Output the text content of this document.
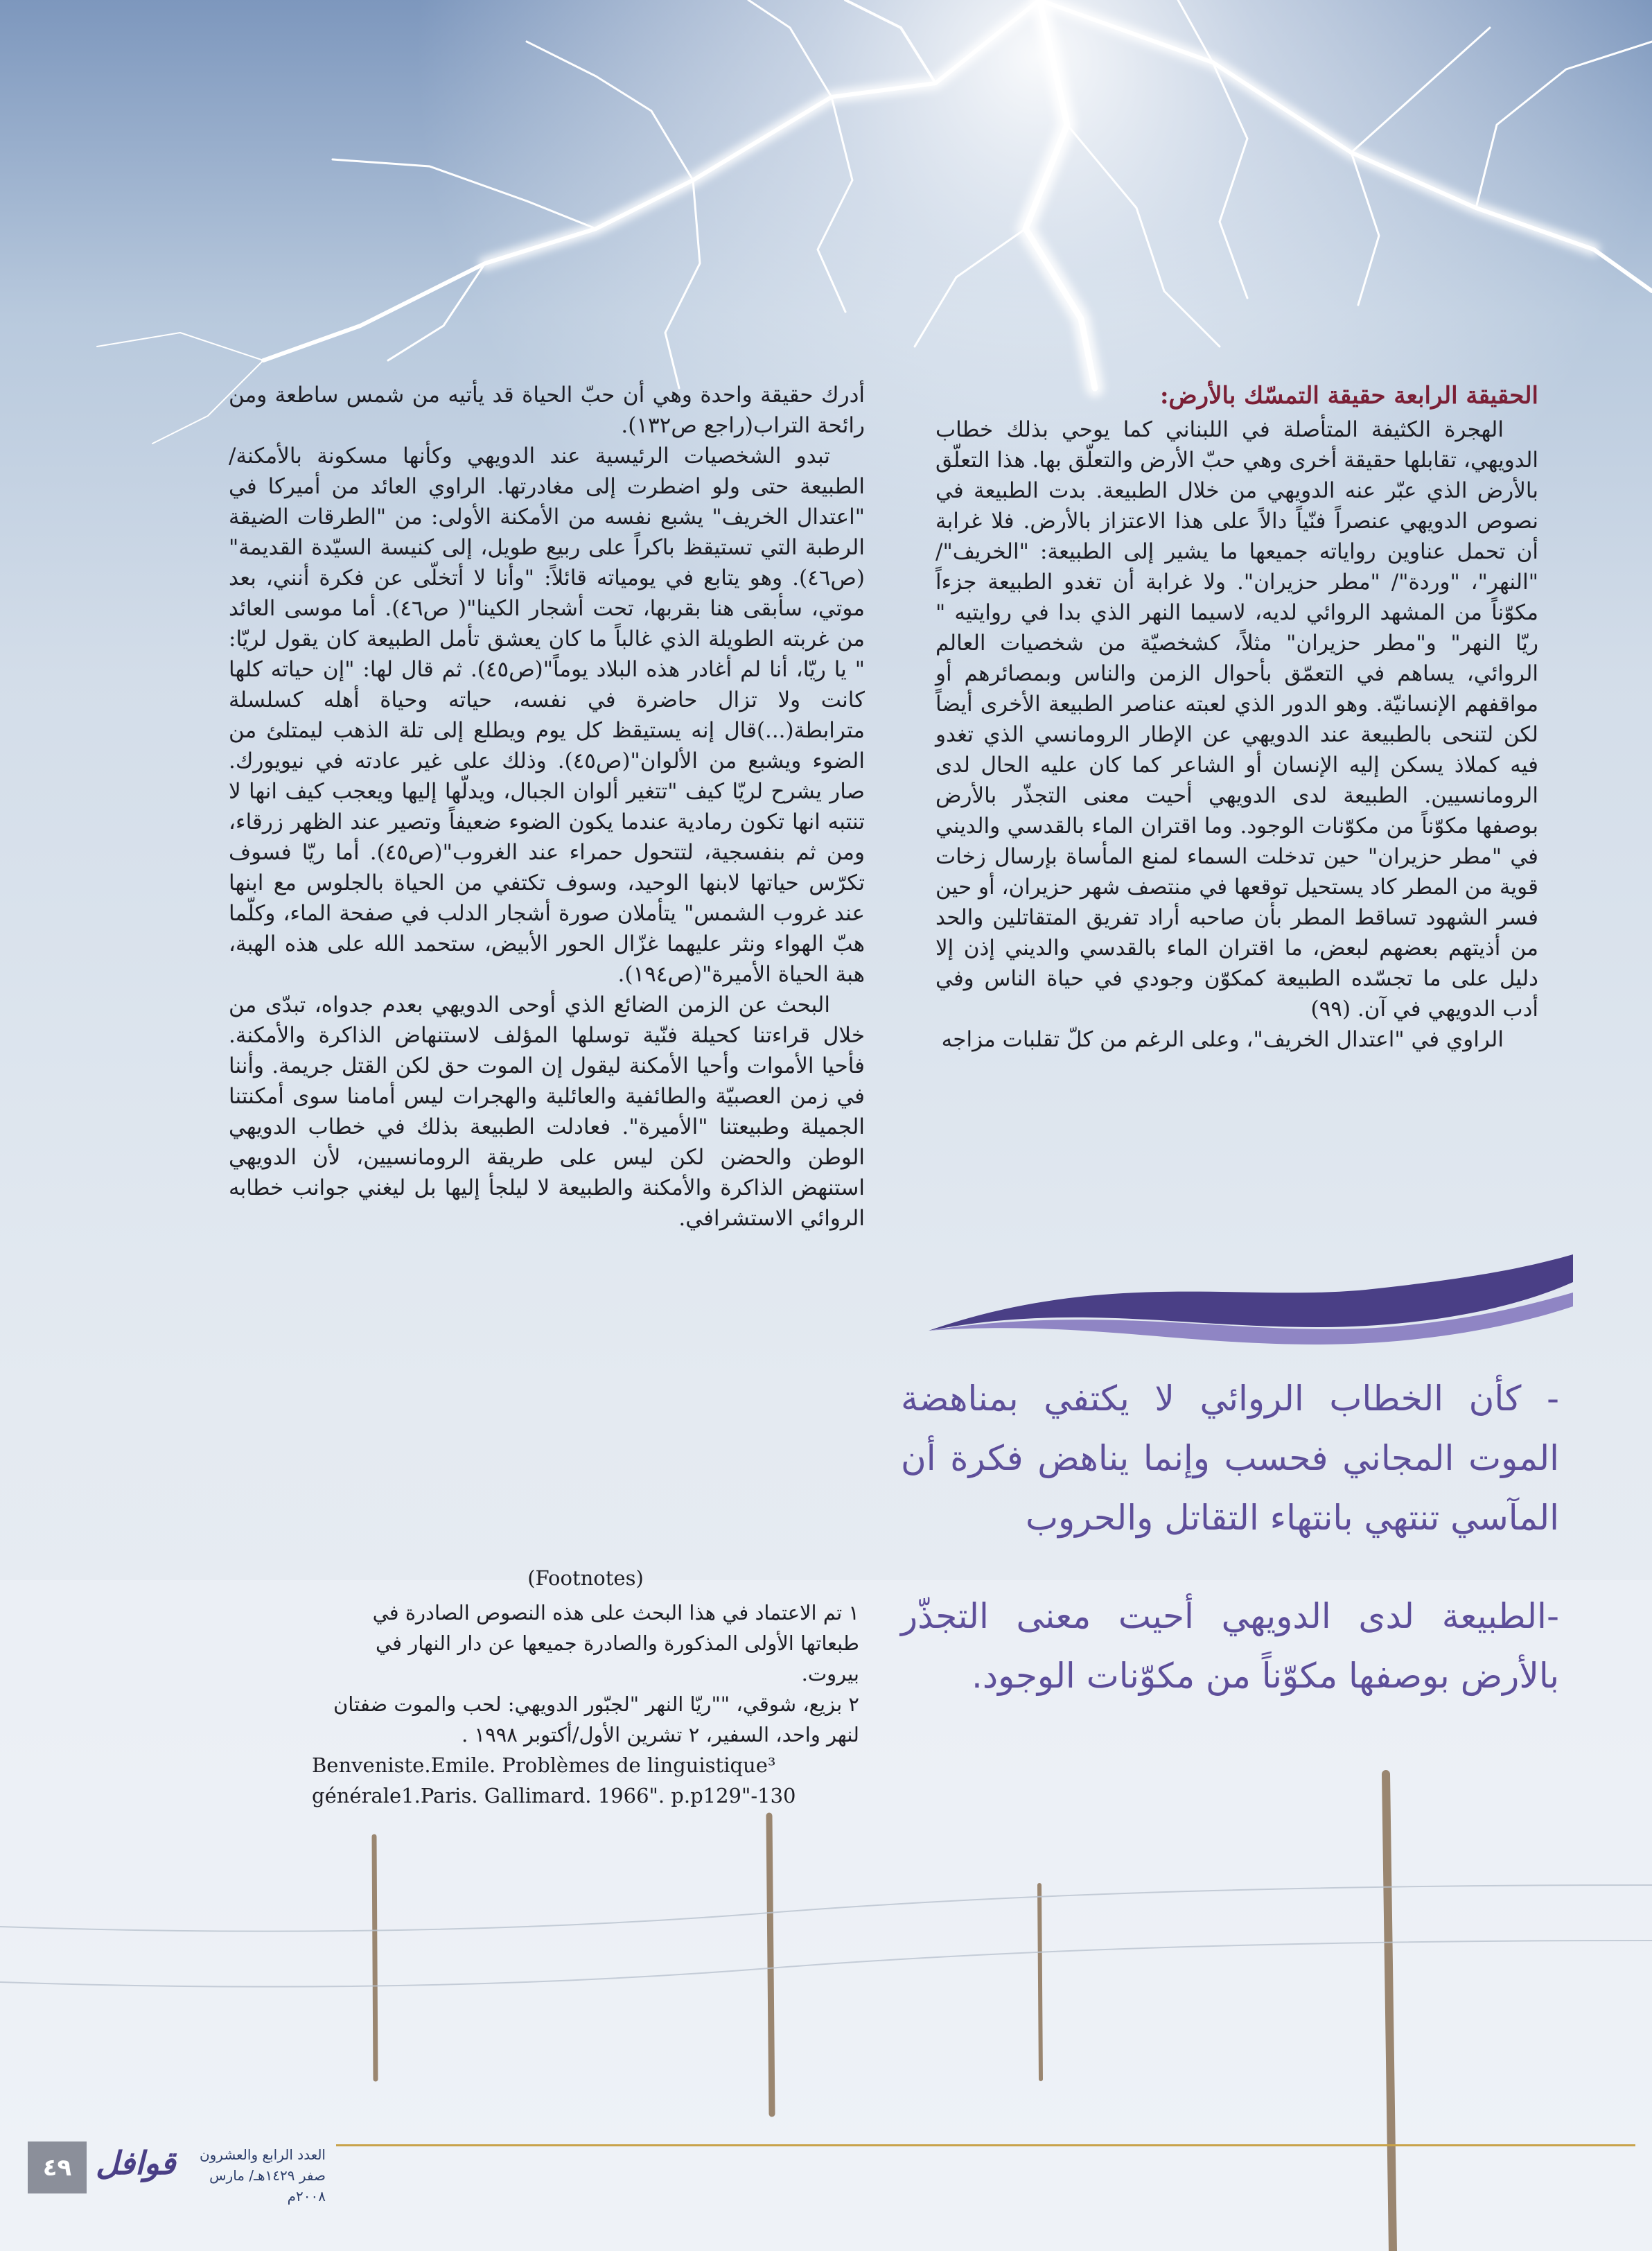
الحقيقة الرابعة حقيقة التمسّك بالأرض:

الهجرة الكثيفة المتأصلة في اللبناني كما يوحي بذلك خطاب الدويهي، تقابلها حقيقة أخرى وهي حبّ الأرض والتعلّق بها. هذا التعلّق بالأرض الذي عبّر عنه الدويهي من خلال الطبيعة. بدت الطبيعة في نصوص الدويهي عنصراً فنّياً دالاً على هذا الاعتزاز بالأرض. فلا غرابة أن تحمل عناوين رواياته جميعها ما يشير إلى الطبيعة: "الخريف"/ "النهر"، "وردة"/ "مطر حزيران". ولا غرابة أن تغدو الطبيعة جزءاً مكوّناً من المشهد الروائي لديه، لاسيما النهر الذي بدا في روايتيه " ريّا النهر" و"مطر حزيران" مثلاً، كشخصيّة من شخصيات العالم الروائي، يساهم في التعمّق بأحوال الزمن والناس وبمصائرهم أو مواقفهم الإنسانيّة. وهو الدور الذي لعبته عناصر الطبيعة الأخرى أيضاً لكن لتنحى بالطبيعة عند الدويهي عن الإطار الرومانسي الذي تغدو فيه كملاذ يسكن إليه الإنسان أو الشاعر كما كان عليه الحال لدى الرومانسيين. الطبيعة لدى الدويهي أحيت معنى التجذّر بالأرض بوصفها مكوّناً من مكوّنات الوجود. وما اقتران الماء بالقدسي والديني في "مطر حزيران" حين تدخلت السماء لمنع المأساة بإرسال زخات قوية من المطر كاد يستحيل توقعها في منتصف شهر حزيران، أو حين فسر الشهود تساقط المطر بأن صاحبه أراد تفريق المتقاتلين والحد من أذيتهم بعضهم لبعض، ما اقتران الماء بالقدسي والديني إذن إلا دليل على ما تجسّده الطبيعة كمكوّن وجودي في حياة الناس وفي أدب الدويهي في آن. (٩٩)

الراوي في "اعتدال الخريف"، وعلى الرغم من كلّ تقلبات مزاجه

أدرك حقيقة واحدة وهي أن حبّ الحياة قد يأتيه من شمس ساطعة ومن رائحة التراب(راجع ص١٣٢).

تبدو الشخصيات الرئيسية عند الدويهي وكأنها مسكونة بالأمكنة/الطبيعة حتى ولو اضطرت إلى مغادرتها. الراوي العائد من أميركا في "اعتدال الخريف" يشبع نفسه من الأمكنة الأولى: من "الطرقات الضيقة الرطبة التي تستيقظ باكراً على ربيع طويل، إلى كنيسة السيّدة القديمة"(ص٤٦). وهو يتابع في يومياته قائلاً: "وأنا لا أتخلّى عن فكرة أنني، بعد موتي، سأبقى هنا بقربها، تحت أشجار الكينا"( ص٤٦). أما موسى العائد من غربته الطويلة الذي غالباً ما كان يعشق تأمل الطبيعة كان يقول لريّا: " يا ريّا، أنا لم أغادر هذه البلاد يوماً"(ص٤٥). ثم قال لها: "إن حياته كلها كانت ولا تزال حاضرة في نفسه، حياته وحياة أهله كسلسلة مترابطة(...)قال إنه يستيقظ كل يوم ويطلع إلى تلة الذهب ليمتلئ من الضوء ويشبع من الألوان"(ص٤٥). وذلك على غير عادته في نيويورك. صار يشرح لريّا كيف "تتغير ألوان الجبال، ويدلّها إليها ويعجب كيف انها لا تنتبه انها تكون رمادية عندما يكون الضوء ضعيفاً وتصير عند الظهر زرقاء، ومن ثم بنفسجية، لتتحول حمراء عند الغروب"(ص٤٥). أما ريّا فسوف تكرّس حياتها لابنها الوحيد، وسوف تكتفي من الحياة بالجلوس مع ابنها عند غروب الشمس" يتأملان صورة أشجار الدلب في صفحة الماء، وكلّما هبّ الهواء ونثر عليهما غزّال الحور الأبيض، ستحمد الله على هذه الهبة، هبة الحياة الأميرة"(ص١٩٤).

البحث عن الزمن الضائع الذي أوحى الدويهي بعدم جدواه، تبدّى من خلال قراءتنا كحيلة فنّية توسلها المؤلف لاستنهاض الذاكرة والأمكنة. فأحيا الأموات وأحيا الأمكنة ليقول إن الموت حق لكن القتل جريمة. وأننا في زمن العصبيّة والطائفية والعائلية والهجرات ليس أمامنا سوى أمكنتنا الجميلة وطبيعتنا "الأميرة". فعادلت الطبيعة بذلك في خطاب الدويهي الوطن والحضن لكن ليس على طريقة الرومانسيين، لأن الدويهي استنهض الذاكرة والأمكنة والطبيعة لا ليلجأ إليها بل ليغني جوانب خطابه الروائي الاستشرافي.

- كأن الخطاب الروائي لا يكتفي بمناهضة الموت المجاني فحسب وإنما يناهض فكرة أن المآسي تنتهي بانتهاء التقاتل والحروب

-الطبيعة لدى الدويهي أحيت معنى التجذّر بالأرض بوصفها مكوّناً من مكوّنات الوجود.

(Footnotes)

١ تم الاعتماد في هذا البحث على هذه النصوص الصادرة في طبعاتها الأولى المذكورة والصادرة جميعها عن دار النهار في بيروت.

٢ بزيع، شوقي، ""ريّا النهر "لجبّور الدويهي: لحب والموت ضفتان لنهر واحد، السفير، ٢ تشرين الأول/أكتوبر ١٩٩٨ .

Benveniste.Emile. Problèmes de linguistique³

générale1.Paris. Gallimard. 1966". p.p129"-130

٤٩ قوافل	العدد الرابع والعشرون
صفر ١٤٢٩هـ/ مارس ٢٠٠٨م
